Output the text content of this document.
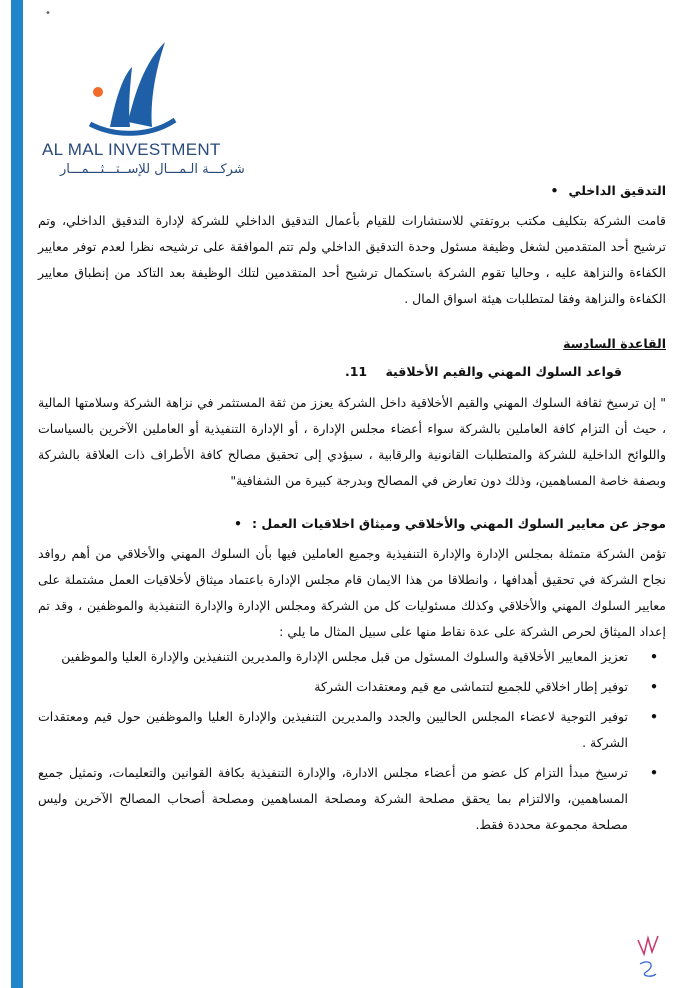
•
AL MAL INVESTMENT
شركـــة الـمـــال للإســتـــثـــمـــار
التدقيق الداخلي •
قامت الشركة بتكليف مكتب بروتفتي للاستشارات للقيام بأعمال التدقيق الداخلي للشركة لإدارة التدقيق الداخلي، وتم ترشيح أحد المتقدمين لشغل وظيفة مسئول وحدة التدقيق الداخلي ولم تتم الموافقة على ترشيحه نظرا لعدم توفر معايير الكفاءة والنزاهة عليه ، وحاليا تقوم الشركة باستكمال ترشيح أحد المتقدمين لتلك الوظيفة بعد التاكد من إنطباق معايير الكفاءة والنزاهة وفقا لمتطلبات هيئة اسواق المال .
القاعدة السادسة
قواعد السلوك المهني والقيم الأخلاقية 11.
" إن ترسيخ ثقافة السلوك المهني والقيم الأخلاقية داخل الشركة يعزز من ثقة المستثمر في نزاهة الشركة وسلامتها المالية ، حيث أن التزام كافة العاملين بالشركة سواء أعضاء مجلس الإدارة ، أو الإدارة التنفيذية أو العاملين الآخرين بالسياسات واللوائح الداخلية للشركة والمتطلبات القانونية والرقابية ، سيؤدي إلى تحقيق مصالح كافة الأطراف ذات العلاقة بالشركة وبصفة خاصة المساهمين، وذلك دون تعارض في المصالح وبدرجة كبيرة من الشفافية"
موجز عن معايير السلوك المهني والأخلاقي وميثاق اخلاقيات العمل : •
تؤمن الشركة متمثلة بمجلس الإدارة والإدارة التنفيذية وجميع العاملين فيها بأن السلوك المهني والأخلاقي من أهم روافد نجاح الشركة في تحقيق أهدافها ، وانطلاقا من هذا الايمان قام مجلس الإدارة باعتماد ميثاق لأخلاقيات العمل مشتملة على معايير السلوك المهني والأخلاقي وكذلك مسئوليات كل من الشركة ومجلس الإدارة والإدارة التنفيذية والموظفين ، وقد تم إعداد الميثاق لحرص الشركة على عدة نقاط منها على سبيل المثال ما يلي :
•
تعزيز المعايير الأخلاقية والسلوك المسئول من قبل مجلس الإدارة والمديرين التنفيذين والإدارة العليا والموظفين
•
توفير إطار اخلاقي للجميع لتتماشى مع قيم ومعتقدات الشركة
•
توفير التوجية لاعضاء المجلس الحاليين والجدد والمديرين التنفيذين والإدارة العليا والموظفين حول قيم ومعتقدات الشركة .
•
ترسيخ مبدأ التزام كل عضو من أعضاء مجلس الادارة، والإدارة التنفيذية بكافة القوانين والتعليمات، وتمثيل جميع المساهمين، والالتزام بما يحقق مصلحة الشركة ومصلحة المساهمين ومصلحة أصحاب المصالح الآخرين وليس مصلحة مجموعة محددة فقط.
